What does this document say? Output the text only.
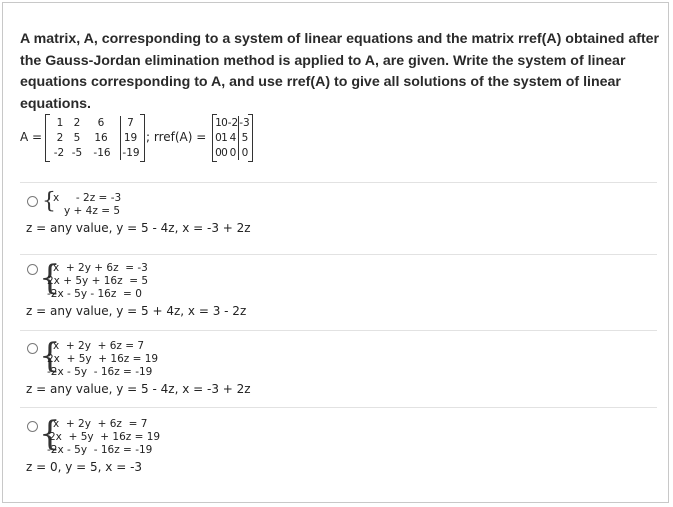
A matrix, A, corresponding to a system of linear equations and the matrix rref(A) obtained after the Gauss-Jordan elimination method is applied to A, are given. Write the system of linear equations corresponding to A, and use rref(A) to give all solutions of the system of linear equations.
A =
1 2	6	7
2 5	16	19
-2 -5	-16	-19
; rref(A) =
1 0 -2 -3
0 1 4 5
0 0 0 0
{
x     - 2z = -3
y + 4z = 5
z = any value, y = 5 - 4z, x = -3 + 2z
{
x  + 2y + 6z  = -3
2x + 5y + 16z  = 5
-2x - 5y - 16z  = 0
z = any value, y = 5 + 4z, x = 3 - 2z
{
x  + 2y  + 6z = 7
2x  + 5y  + 16z = 19
-2x - 5y  - 16z = -19
z = any value, y = 5 - 4z, x = -3 + 2z
{
x  + 2y  + 6z  = 7
2x  + 5y  + 16z = 19
-2x - 5y  - 16z = -19
z = 0, y = 5, x = -3
